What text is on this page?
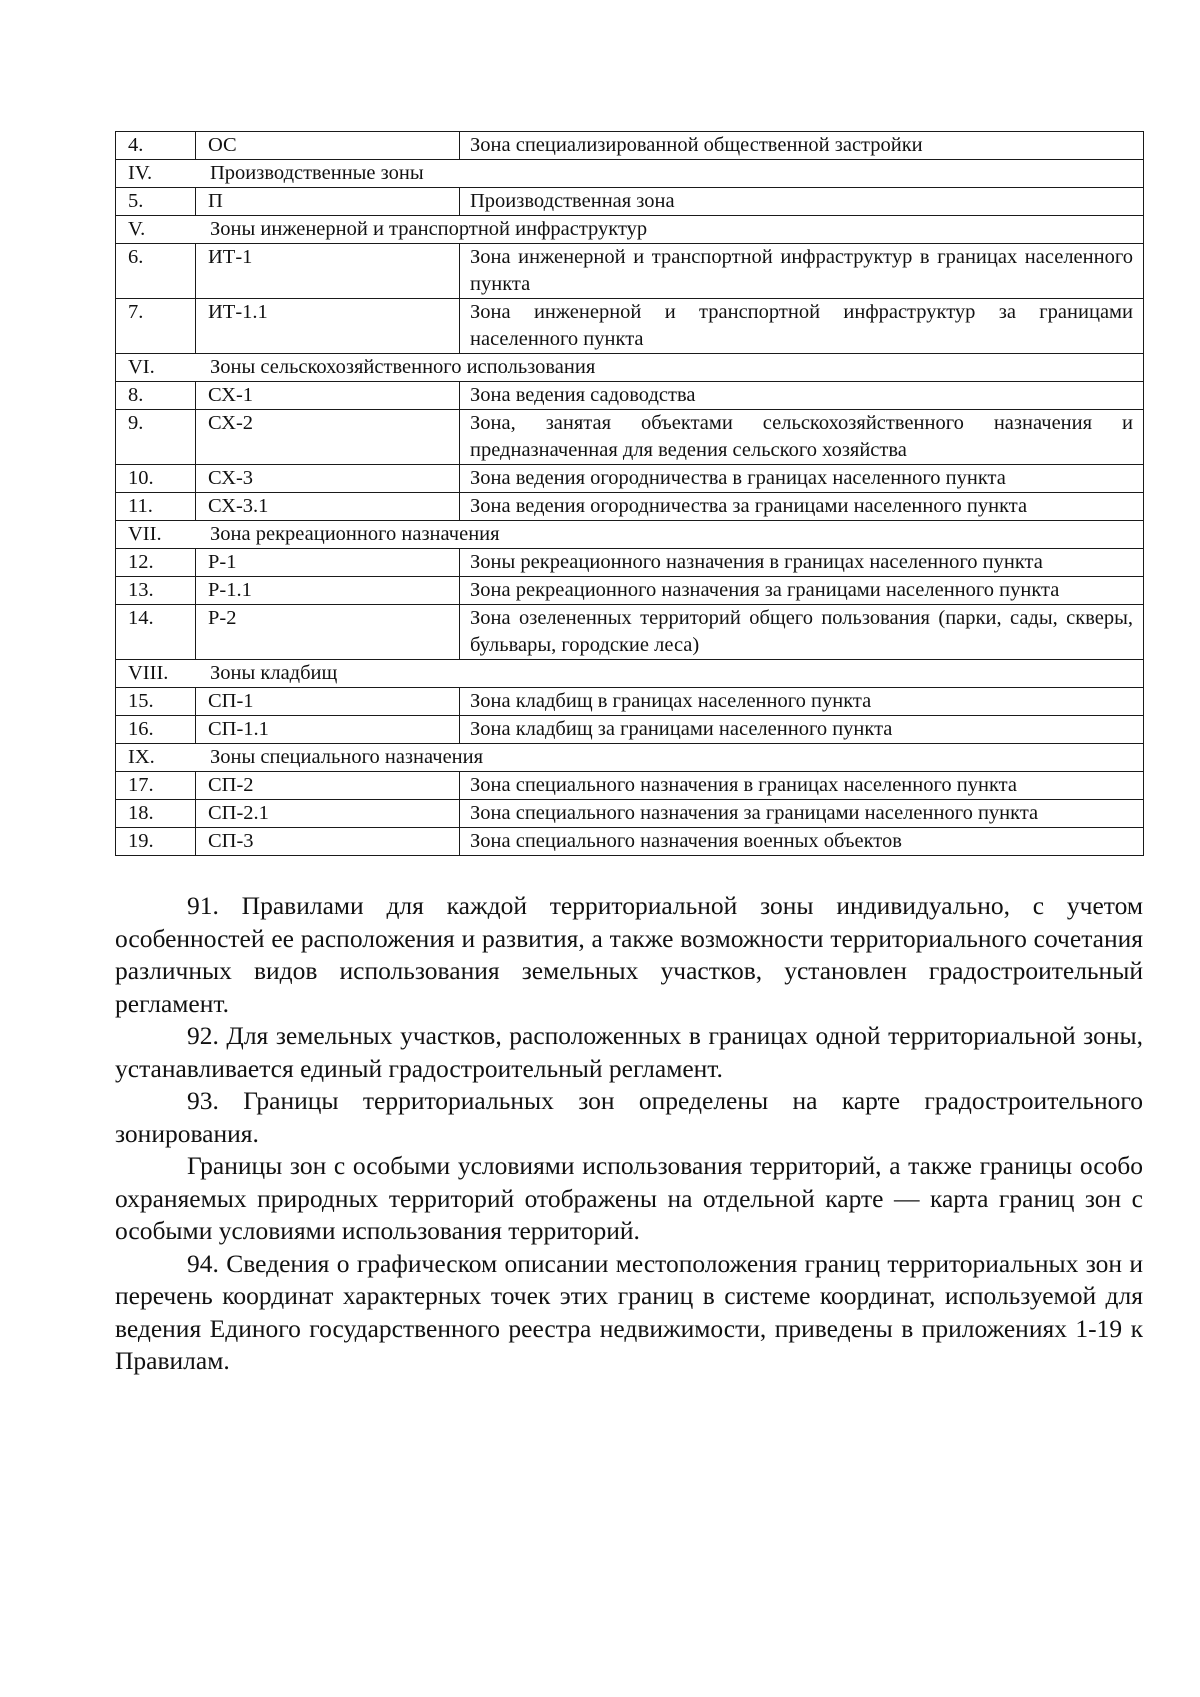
4.	ОС	Зона специализированной общественной застройки

IV. Производственные зоны		

5.	П	Производственная зона

V. Зоны инженерной и транспортной инфраструктур		

6.	ИТ-1	Зона инженерной и транспортной инфраструктур в границах населенного пункта
7.	ИТ-1.1	Зона инженерной и транспортной инфраструктур за границами населенного пункта

VI. Зоны сельскохозяйственного использования		

8.	СХ-1	Зона ведения садоводства
9.	СХ-2	Зона, занятая объектами сельскохозяйственного назначения и предназначенная для ведения сельского хозяйства
10.	СХ-3	Зона ведения огородничества в границах населенного пункта
11.	СХ-3.1	Зона ведения огородничества за границами населенного пункта

VII. Зона рекреационного назначения		

12.	Р-1	Зоны рекреационного назначения в границах населенного пункта
13.	Р-1.1	Зона рекреационного назначения за границами населенного пункта
14.	Р-2	Зона озелененных территорий общего пользования (парки, сады, скверы, бульвары, городские леса)

VIII. Зоны кладбищ		

15.	СП-1	Зона кладбищ в границах населенного пункта
16.	СП-1.1	Зона кладбищ за границами населенного пункта

IX. Зоны специального назначения		

17.	СП-2	Зона специального назначения в границах населенного пункта
18.	СП-2.1	Зона специального назначения за границами населенного пункта
19.	СП-3	Зона специального назначения военных объектов

91. Правилами для каждой территориальной зоны индивидуально, с учетом особенностей ее расположения и развития, а также возможности территориального сочетания различных видов использования земельных участков, установлен градостроительный регламент.

92. Для земельных участков, расположенных в границах одной территориальной зоны, устанавливается единый градостроительный регламент.

93. Границы территориальных зон определены на карте градостроительного зонирования.

Границы зон с особыми условиями использования территорий, а также границы особо охраняемых природных территорий отображены на отдельной карте — карта границ зон с особыми условиями использования территорий.

94. Сведения о графическом описании местоположения границ территориальных зон и перечень координат характерных точек этих границ в системе координат, используемой для ведения Единого государственного реестра недвижимости, приведены в приложениях 1-19 к Правилам.
